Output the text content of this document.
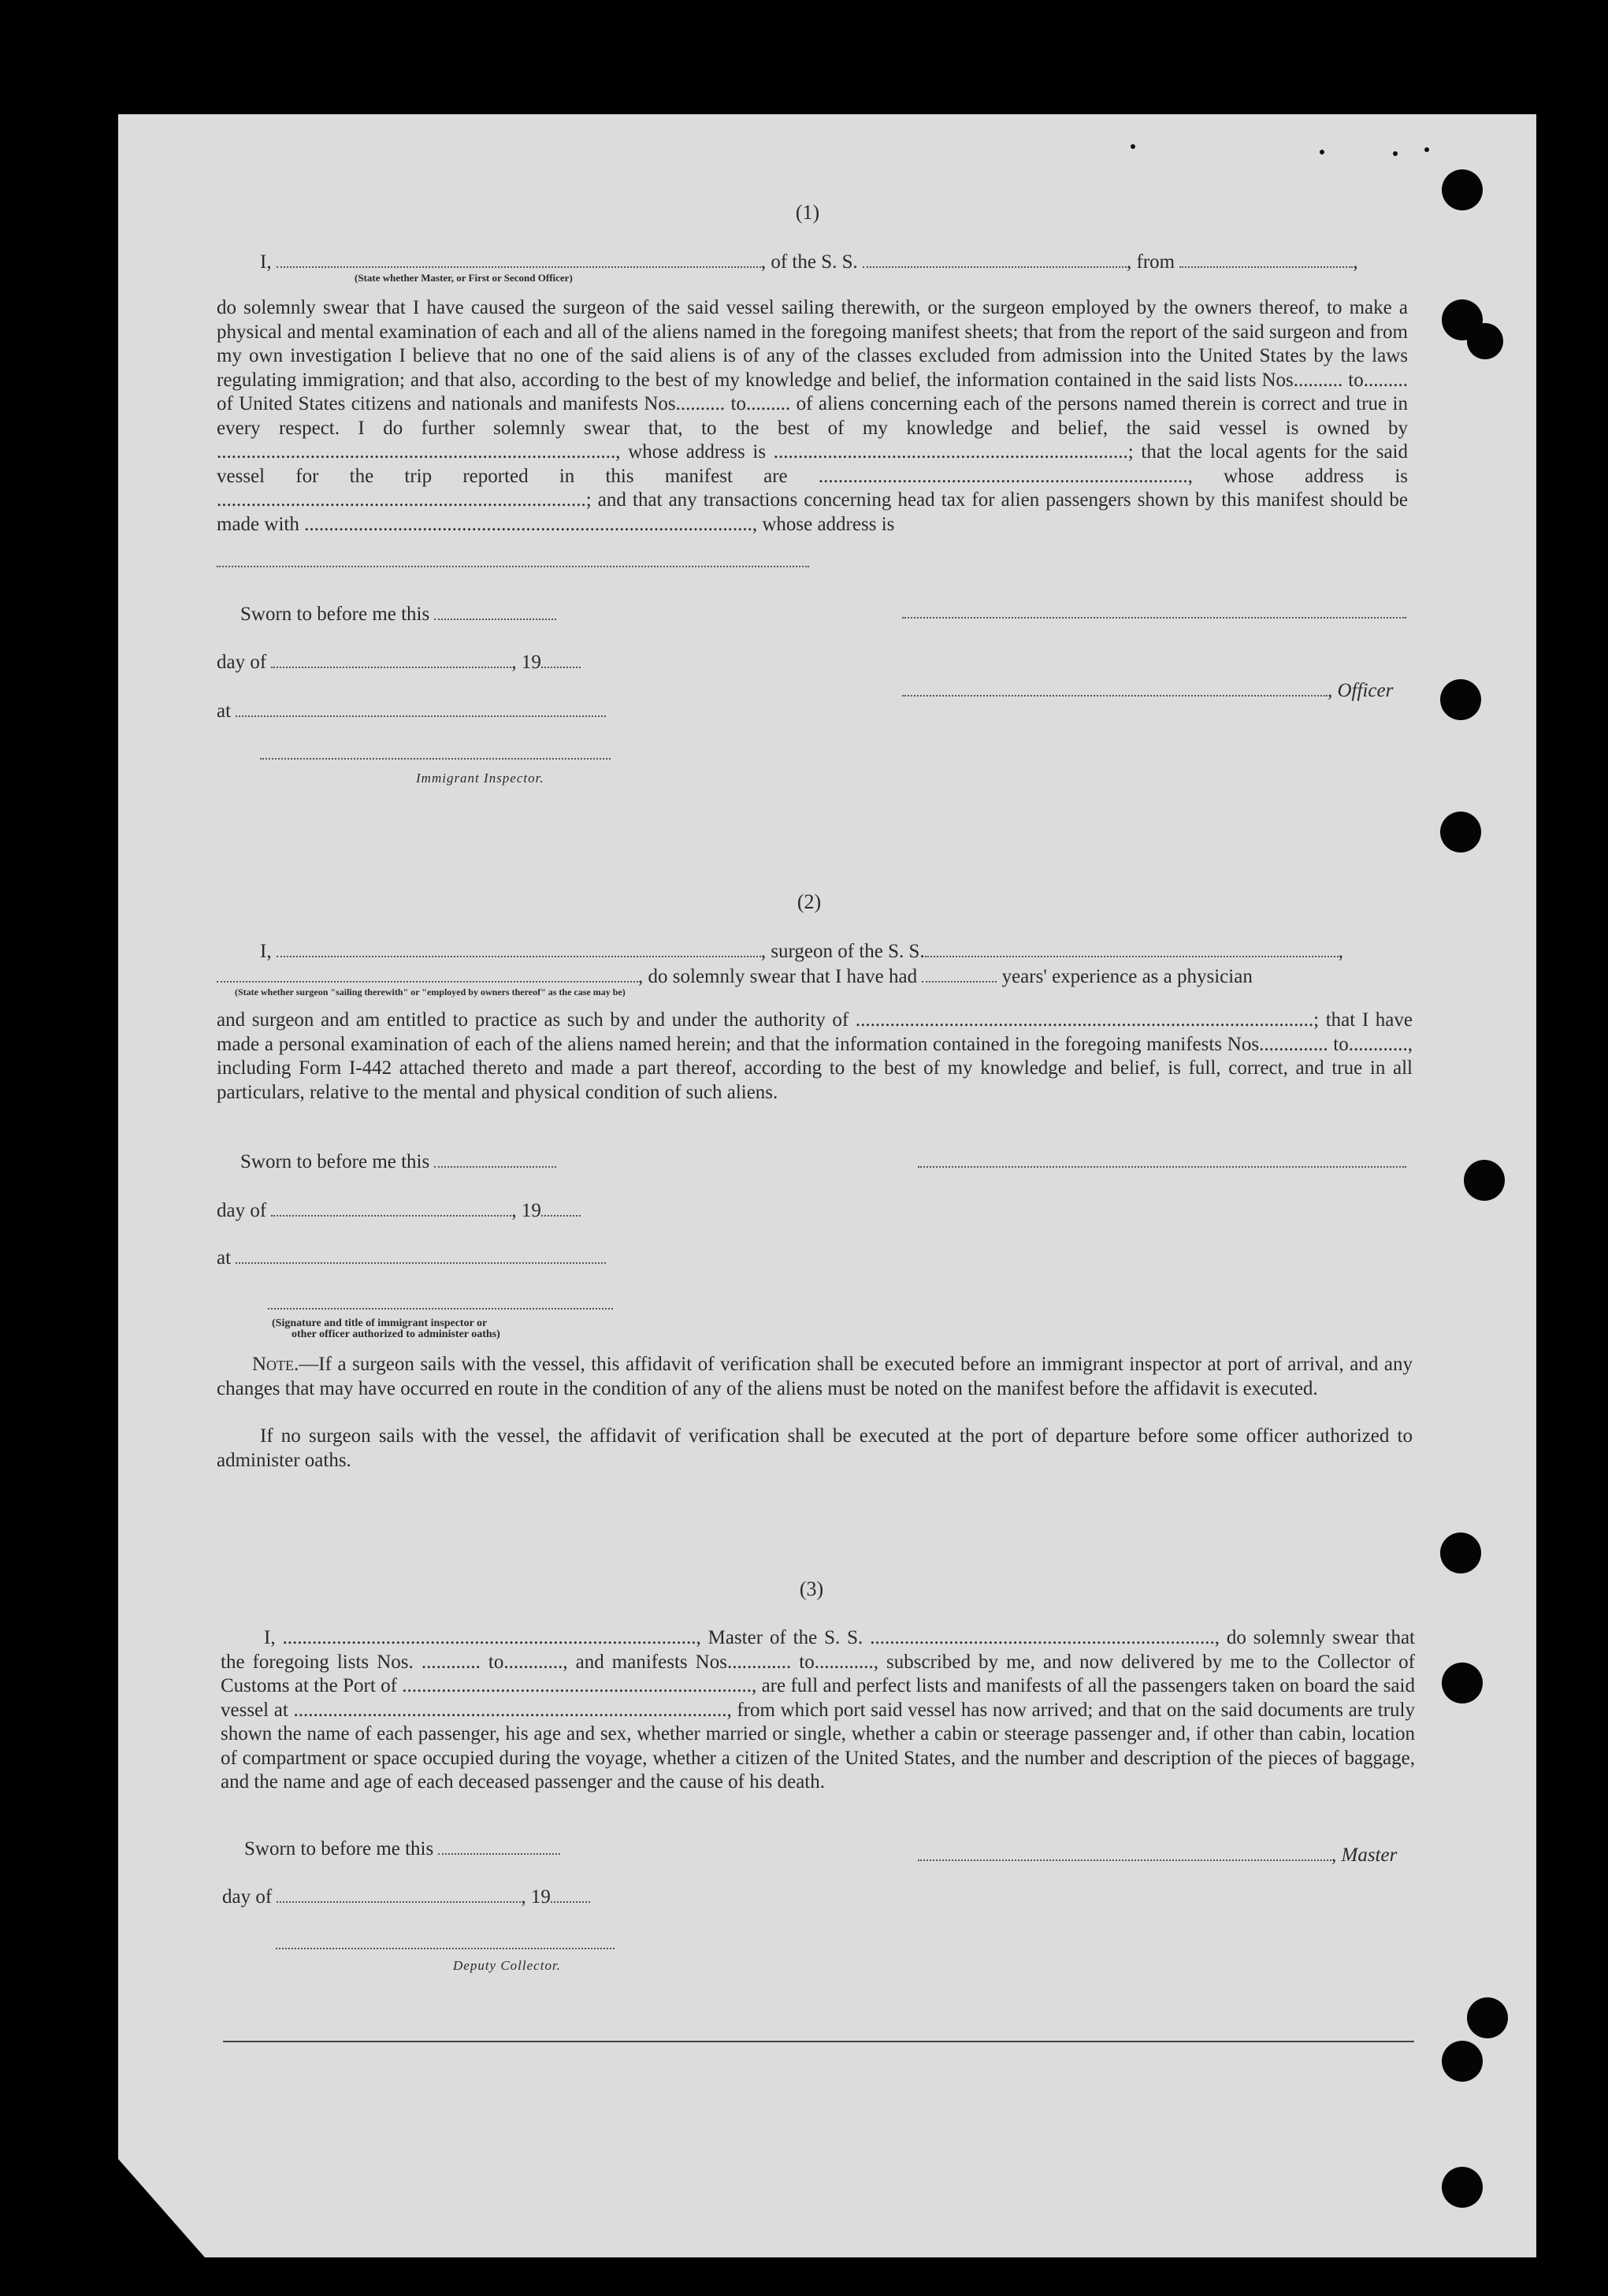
(1)
I,	, of the S. S.	, from	,
(State whether Master, or First or Second Officer)
do solemnly swear that I have caused the surgeon of the said vessel sailing therewith, or the surgeon employed by the owners thereof, to make a physical and mental examination of each and all of the aliens named in the foregoing manifest sheets; that from the report of the said surgeon and from my own investigation I believe that no one of the said aliens is of any of the classes excluded from admission into the United States by the laws regulating immigration; and that also, according to the best of my knowledge and belief, the information contained in the said lists Nos.......... to......... of United States citizens and nationals and manifests Nos.......... to......... of aliens concerning each of the persons named therein is correct and true in every respect. I do further solemnly swear that, to the best of my knowledge and belief, the said vessel is owned by ................................................................................., whose address is ........................................................................; that the local agents for the said vessel for the trip reported in this manifest are ..........................................................................., whose address is ...........................................................................; and that any transactions concerning head tax for alien passengers shown by this manifest should be made with ..........................................................................................., whose address is
Sworn to before me this
day of	, 19
, Officer
at
Immigrant Inspector.
(2)
I,	, surgeon of the S. S.	,
, do solemnly swear that I have had	years' experience as a physician
(State whether surgeon "sailing therewith" or "employed by owners thereof" as the case may be)
and surgeon and am entitled to practice as such by and under the authority of .............................................................................................; that I have made a personal examination of each of the aliens named herein; and that the information contained in the foregoing manifests Nos.............. to............, including Form I-442 attached thereto and made a part thereof, according to the best of my knowledge and belief, is full, correct, and true in all particulars, relative to the mental and physical condition of such aliens.
Sworn to before me this
day of	, 19
at
(Signature and title of immigrant inspector or
other officer authorized to administer oaths)
Note.—If a surgeon sails with the vessel, this affidavit of verification shall be executed before an immigrant inspector at port of arrival, and any changes that may have occurred en route in the condition of any of the aliens must be noted on the manifest before the affidavit is executed.
If no surgeon sails with the vessel, the affidavit of verification shall be executed at the port of departure before some officer authorized to administer oaths.
(3)
I, ...................................................................................., Master of the S. S. ......................................................................, do solemnly swear that the foregoing lists Nos. ............ to............, and manifests Nos............. to............, subscribed by me, and now delivered by me to the Collector of Customs at the Port of ......................................................................., are full and perfect lists and manifests of all the passengers taken on board the said vessel at ........................................................................................, from which port said vessel has now arrived; and that on the said documents are truly shown the name of each passenger, his age and sex, whether married or single, whether a cabin or steerage passenger and, if other than cabin, location of compartment or space occupied during the voyage, whether a citizen of the United States, and the number and description of the pieces of baggage, and the name and age of each deceased passenger and the cause of his death.
Sworn to before me this	, Master
day of	, 19
Deputy Collector.
